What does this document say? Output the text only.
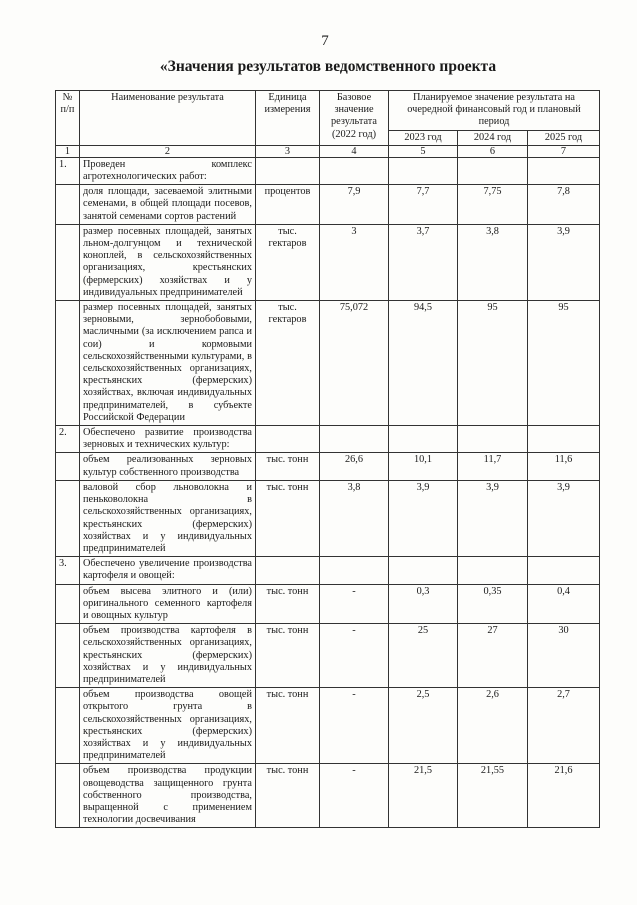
7
«Значения результатов ведомственного проекта
№ п/п	Наименование результата	Единица измерения	Базовое значение результата (2022 год)	Планируемое значение результата на очередной финансовый год и плановый период		
				2023 год	2024 год	2025 год
1	2	3	4	5	6	7
1.	Проведен комплекс агротехнологических работ:					
	доля площади, засеваемой элитными семенами, в общей площади посевов, занятой семенами сортов растений	процентов	7,9	7,7	7,75	7,8
	размер посевных площадей, занятых льном-долгунцом и технической коноплей, в сельскохозяйственных организациях, крестьянских (фермерских) хозяйствах и у индивидуальных предпринимателей	тыс. гектаров	3	3,7	3,8	3,9
	размер посевных площадей, занятых зерновыми, зернобобовыми, масличными (за исключением рапса и сои) и кормовыми сельскохозяйственными культурами, в сельскохозяйственных организациях, крестьянских (фермерских) хозяйствах, включая индивидуальных предпринимателей, в субъекте Российской Федерации	тыс. гектаров	75,072	94,5	95	95
2.	Обеспечено развитие производства зерновых и технических культур:					
	объем реализованных зерновых культур собственного производства	тыс. тонн	26,6	10,1	11,7	11,6
	валовой сбор льноволокна и пеньковолокна в сельскохозяйственных организациях, крестьянских (фермерских) хозяйствах и у индивидуальных предпринимателей	тыс. тонн	3,8	3,9	3,9	3,9
3.	Обеспечено увеличение производства картофеля и овощей:					
	объем высева элитного и (или) оригинального семенного картофеля и овощных культур	тыс. тонн	-	0,3	0,35	0,4
	объем производства картофеля в сельскохозяйственных организациях, крестьянских (фермерских) хозяйствах и у индивидуальных предпринимателей	тыс. тонн	-	25	27	30
	объем производства овощей открытого грунта в сельскохозяйственных организациях, крестьянских (фермерских) хозяйствах и у индивидуальных предпринимателей	тыс. тонн	-	2,5	2,6	2,7
	объем производства продукции овощеводства защищенного грунта собственного производства, выращенной с применением технологии досвечивания	тыс. тонн	-	21,5	21,55	21,6
